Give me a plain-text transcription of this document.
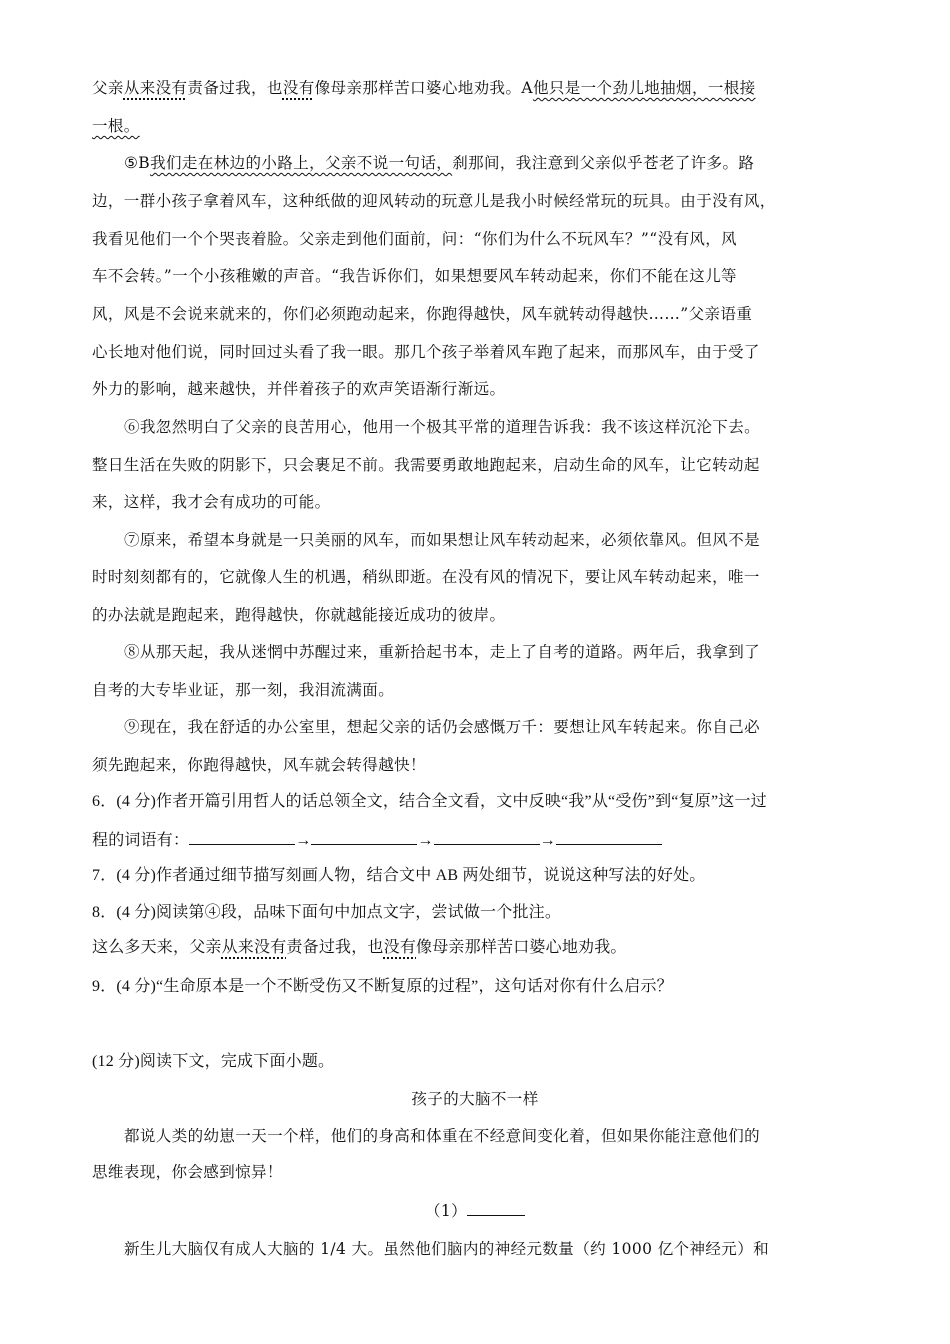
父亲从来没有责备过我，也没有像母亲那样苦口婆心地劝我。A他只是一个劲儿地抽烟，一根接
一根。
⑤B我们走在林边的小路上，父亲不说一句话，刹那间，我注意到父亲似乎苍老了许多。路
边，一群小孩子拿着风车，这种纸做的迎风转动的玩意儿是我小时候经常玩的玩具。由于没有风，
我看见他们一个个哭丧着脸。父亲走到他们面前，问：“你们为什么不玩风车？”“没有风，风
车不会转。”一个小孩稚嫩的声音。“我告诉你们，如果想要风车转动起来，你们不能在这儿等
风，风是不会说来就来的，你们必须跑动起来，你跑得越快，风车就转动得越快……”父亲语重
心长地对他们说，同时回过头看了我一眼。那几个孩子举着风车跑了起来，而那风车，由于受了
外力的影响，越来越快，并伴着孩子的欢声笑语渐行渐远。
⑥我忽然明白了父亲的良苦用心，他用一个极其平常的道理告诉我：我不该这样沉沦下去。
整日生活在失败的阴影下，只会裹足不前。我需要勇敢地跑起来，启动生命的风车，让它转动起
来，这样，我才会有成功的可能。
⑦原来，希望本身就是一只美丽的风车，而如果想让风车转动起来，必须依靠风。但风不是
时时刻刻都有的，它就像人生的机遇，稍纵即逝。在没有风的情况下，要让风车转动起来，唯一
的办法就是跑起来，跑得越快，你就越能接近成功的彼岸。
⑧从那天起，我从迷惘中苏醒过来，重新拾起书本，走上了自考的道路。两年后，我拿到了
自考的大专毕业证，那一刻，我泪流满面。
⑨现在，我在舒适的办公室里，想起父亲的话仍会感慨万千：要想让风车转起来。你自己必
须先跑起来，你跑得越快，风车就会转得越快！
6．(4 分)作者开篇引用哲人的话总领全文，结合全文看，文中反映“我”从“受伤”到“复原”这一过
程的词语有：	→	→	→
7．(4 分)作者通过细节描写刻画人物，结合文中 AB 两处细节，说说这种写法的好处。
8．(4 分)阅读第④段，品味下面句中加点文字，尝试做一个批注。
这么多天来，父亲从来没有责备过我，也没有像母亲那样苦口婆心地劝我。
9．(4 分)“生命原本是一个不断受伤又不断复原的过程”，这句话对你有什么启示？
(12 分)阅读下文，完成下面小题。
孩子的大脑不一样
都说人类的幼崽一天一个样，他们的身高和体重在不经意间变化着，但如果你能注意他们的
思维表现，你会感到惊异！
（1）
新生儿大脑仅有成人大脑的 1/4 大。虽然他们脑内的神经元数量（约 1000 亿个神经元）和
